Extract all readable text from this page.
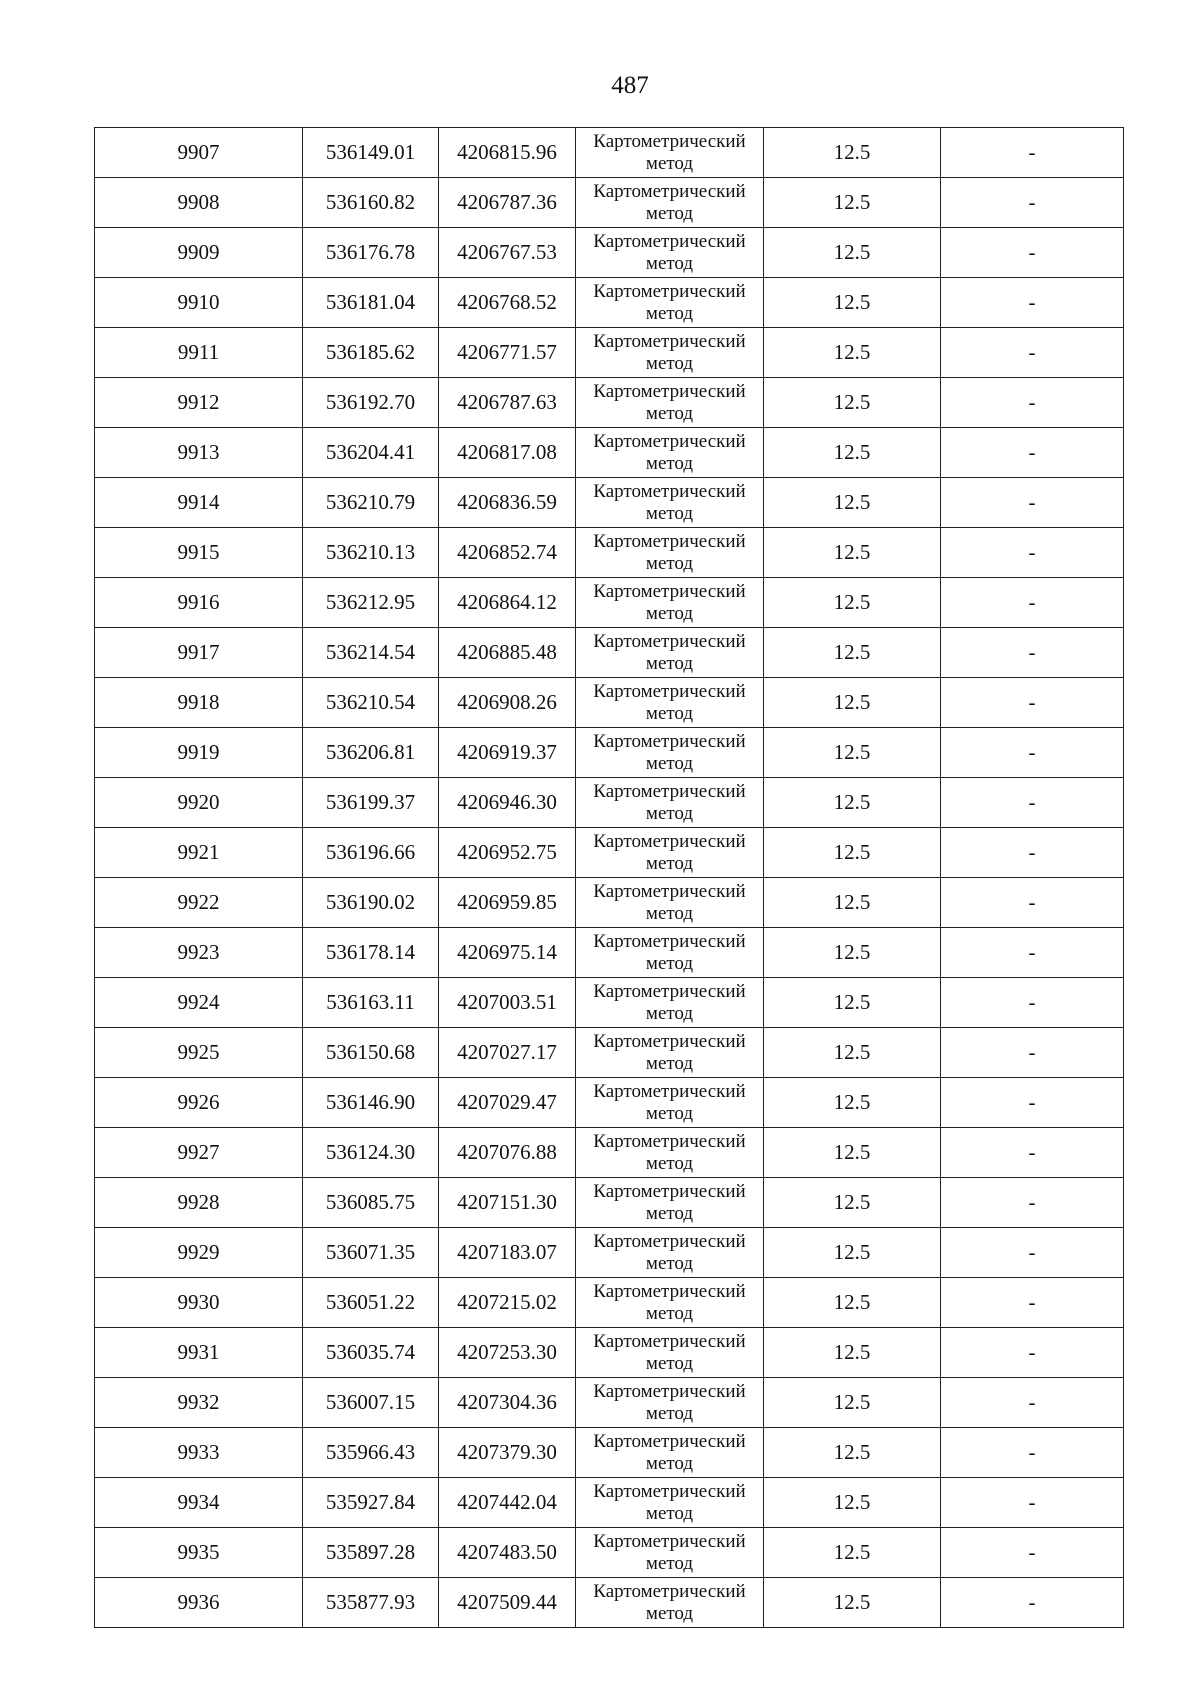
487
9907	536149.01	4206815.96	Картометрический
метод	12.5	-
9908	536160.82	4206787.36	Картометрический
метод	12.5	-
9909	536176.78	4206767.53	Картометрический
метод	12.5	-
9910	536181.04	4206768.52	Картометрический
метод	12.5	-
9911	536185.62	4206771.57	Картометрический
метод	12.5	-
9912	536192.70	4206787.63	Картометрический
метод	12.5	-
9913	536204.41	4206817.08	Картометрический
метод	12.5	-
9914	536210.79	4206836.59	Картометрический
метод	12.5	-
9915	536210.13	4206852.74	Картометрический
метод	12.5	-
9916	536212.95	4206864.12	Картометрический
метод	12.5	-
9917	536214.54	4206885.48	Картометрический
метод	12.5	-
9918	536210.54	4206908.26	Картометрический
метод	12.5	-
9919	536206.81	4206919.37	Картометрический
метод	12.5	-
9920	536199.37	4206946.30	Картометрический
метод	12.5	-
9921	536196.66	4206952.75	Картометрический
метод	12.5	-
9922	536190.02	4206959.85	Картометрический
метод	12.5	-
9923	536178.14	4206975.14	Картометрический
метод	12.5	-
9924	536163.11	4207003.51	Картометрический
метод	12.5	-
9925	536150.68	4207027.17	Картометрический
метод	12.5	-
9926	536146.90	4207029.47	Картометрический
метод	12.5	-
9927	536124.30	4207076.88	Картометрический
метод	12.5	-
9928	536085.75	4207151.30	Картометрический
метод	12.5	-
9929	536071.35	4207183.07	Картометрический
метод	12.5	-
9930	536051.22	4207215.02	Картометрический
метод	12.5	-
9931	536035.74	4207253.30	Картометрический
метод	12.5	-
9932	536007.15	4207304.36	Картометрический
метод	12.5	-
9933	535966.43	4207379.30	Картометрический
метод	12.5	-
9934	535927.84	4207442.04	Картометрический
метод	12.5	-
9935	535897.28	4207483.50	Картометрический
метод	12.5	-
9936	535877.93	4207509.44	Картометрический
метод	12.5	-
